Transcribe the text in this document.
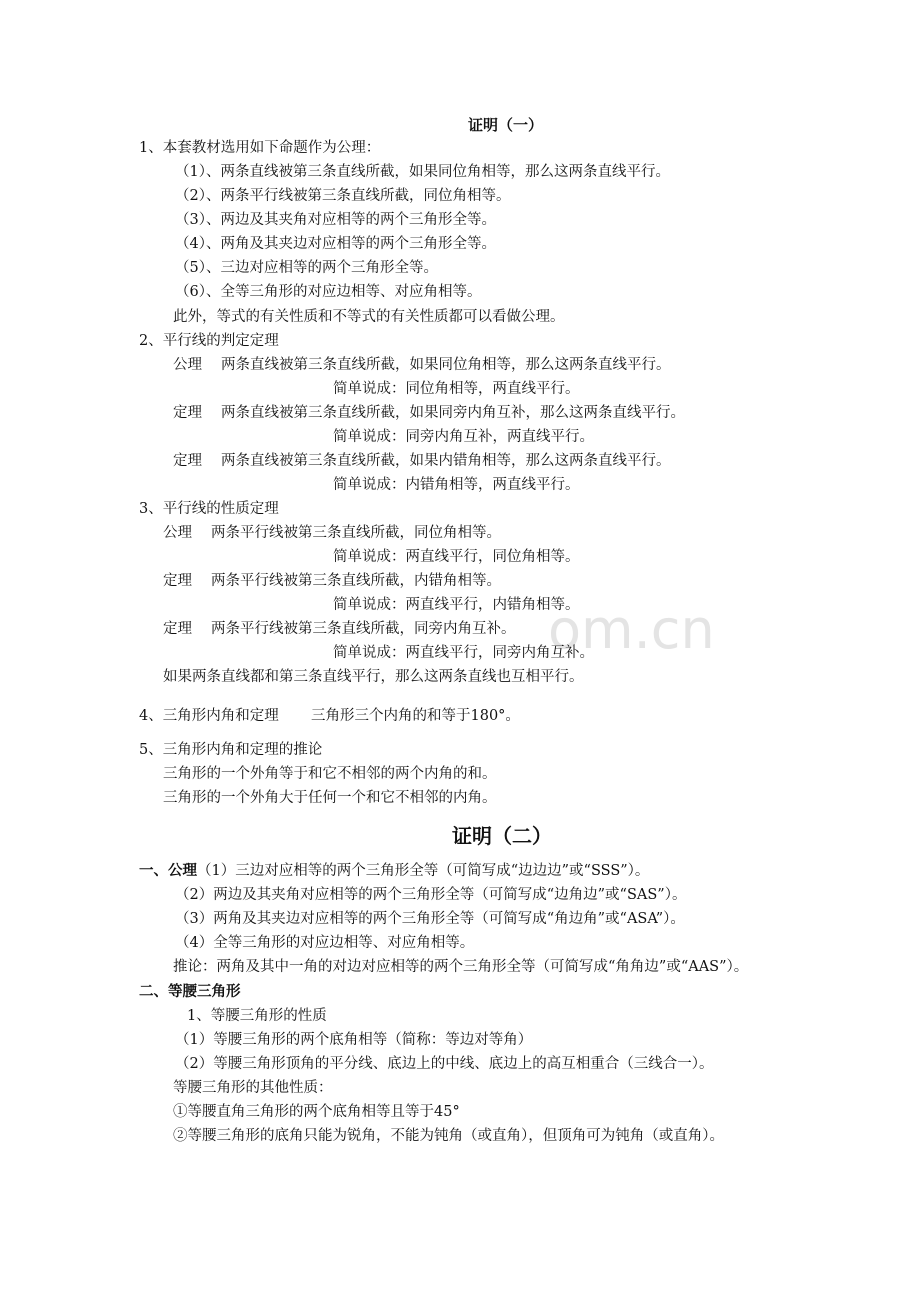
om.cn
证明（一）
1、本套教材选用如下命题作为公理：
（1）、两条直线被第三条直线所截，如果同位角相等，那么这两条直线平行。
（2）、两条平行线被第三条直线所截，同位角相等。
（3）、两边及其夹角对应相等的两个三角形全等。
（4）、两角及其夹边对应相等的两个三角形全等。
（5）、三边对应相等的两个三角形全等。
（6）、全等三角形的对应边相等、对应角相等。
此外，等式的有关性质和不等式的有关性质都可以看做公理。
2、平行线的判定定理
公理 两条直线被第三条直线所截，如果同位角相等，那么这两条直线平行。
简单说成：同位角相等，两直线平行。
定理 两条直线被第三条直线所截，如果同旁内角互补，那么这两条直线平行。
简单说成：同旁内角互补，两直线平行。
定理 两条直线被第三条直线所截，如果内错角相等，那么这两条直线平行。
简单说成：内错角相等，两直线平行。
3、平行线的性质定理
公理 两条平行线被第三条直线所截，同位角相等。
简单说成：两直线平行，同位角相等。
定理 两条平行线被第三条直线所截，内错角相等。
简单说成：两直线平行，内错角相等。
定理 两条平行线被第三条直线所截，同旁内角互补。
简单说成：两直线平行，同旁内角互补。
如果两条直线都和第三条直线平行，那么这两条直线也互相平行。
4、三角形内角和定理 三角形三个内角的和等于180°。
5、三角形内角和定理的推论
三角形的一个外角等于和它不相邻的两个内角的和。
三角形的一个外角大于任何一个和它不相邻的内角。
证明（二）
一、公理（1）三边对应相等的两个三角形全等（可简写成“边边边”或“SSS”）。
（2）两边及其夹角对应相等的两个三角形全等（可简写成“边角边”或“SAS”）。
（3）两角及其夹边对应相等的两个三角形全等（可简写成“角边角”或“ASA”）。
（4）全等三角形的对应边相等、对应角相等。
推论：两角及其中一角的对边对应相等的两个三角形全等（可简写成“角角边”或“AAS”）。
二、等腰三角形
1、等腰三角形的性质
（1）等腰三角形的两个底角相等（简称：等边对等角）
（2）等腰三角形顶角的平分线、底边上的中线、底边上的高互相重合（三线合一）。
等腰三角形的其他性质：
①等腰直角三角形的两个底角相等且等于45°
②等腰三角形的底角只能为锐角，不能为钝角（或直角），但顶角可为钝角（或直角）。
